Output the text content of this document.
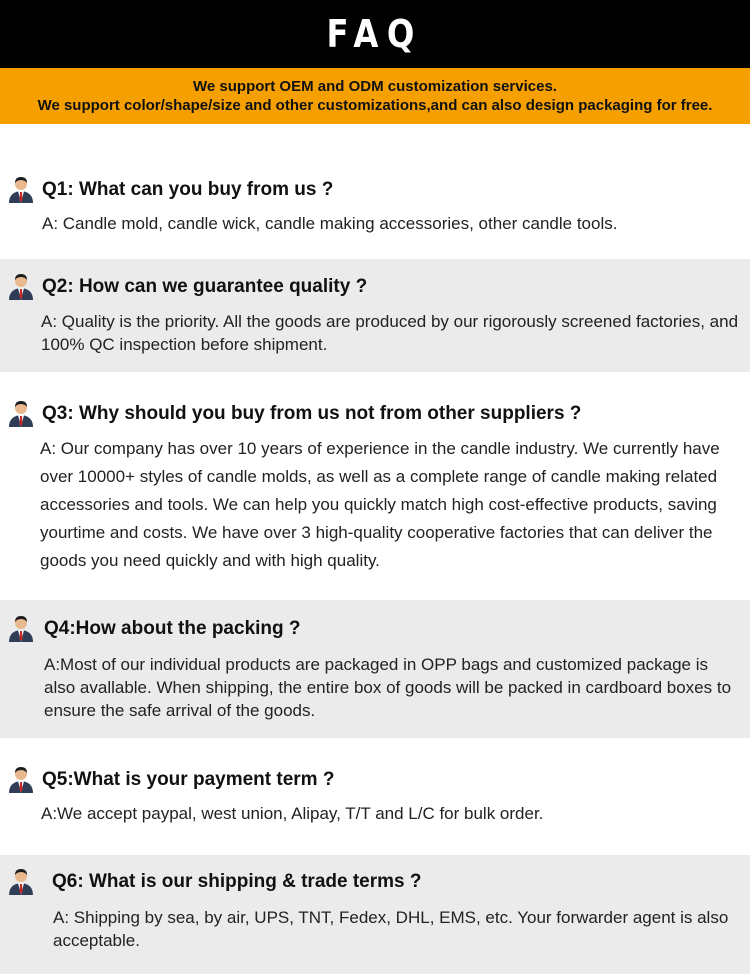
FAQ
We support OEM and ODM customization services.
We support color/shape/size and other customizations,and can also design packaging for free.
Q1: What can you buy from us ?

A: Candle mold, candle wick, candle making accessories, other candle tools.

Q2: How can we guarantee quality ?

A: Quality is the priority. All the goods are produced by our rigorously screened factories, and 100% QC inspection before shipment.

Q3: Why should you buy from us not from other suppliers ?

A: Our company has over 10 years of experience in the candle industry. We currently have over 10000+ styles of candle molds, as well as a complete range of candle making related accessories and tools. We can help you quickly match high cost-effective products, saving yourtime and costs. We have over 3 high-quality cooperative factories that can deliver the goods you need quickly and with high quality.

Q4:How about the packing ?

A:Most of our individual products are packaged in OPP bags and customized package is also avallable. When shipping, the entire box of goods will be packed in cardboard boxes to ensure the safe arrival of the goods.

Q5:What is your payment term ?

A:We accept paypal, west union, Alipay, T/T and L/C for bulk order.

Q6: What is our shipping & trade terms ?

A: Shipping by sea, by air, UPS, TNT, Fedex, DHL, EMS, etc. Your forwarder agent is also acceptable.
